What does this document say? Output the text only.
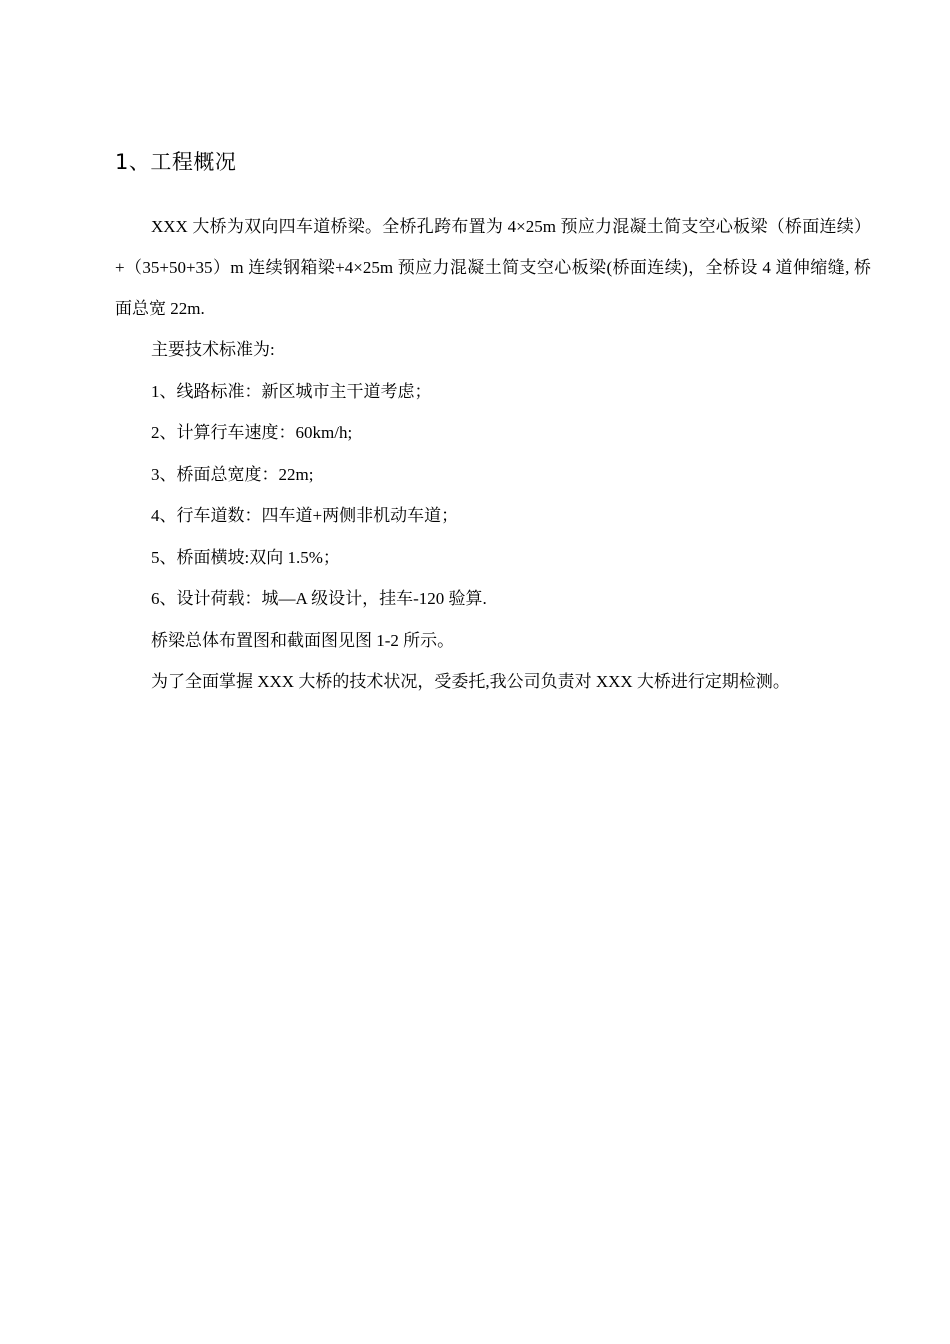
1、工程概况

XXX 大桥为双向四车道桥梁。全桥孔跨布置为 4×25m 预应力混凝土简支空心板梁（桥面连续）+（35+50+35）m 连续钢箱梁+4×25m 预应力混凝土简支空心板梁(桥面连续)，全桥设 4 道伸缩缝, 桥面总宽 22m.

主要技术标准为:

1、线路标准：新区城市主干道考虑；

2、计算行车速度：60km/h;

3、桥面总宽度：22m;

4、行车道数：四车道+两侧非机动车道；

5、桥面横坡:双向 1.5%；

6、设计荷载：城—A 级设计，挂车-120 验算.

桥梁总体布置图和截面图见图 1-2 所示。

为了全面掌握 XXX 大桥的技术状况，受委托,我公司负责对 XXX 大桥进行定期检测。
